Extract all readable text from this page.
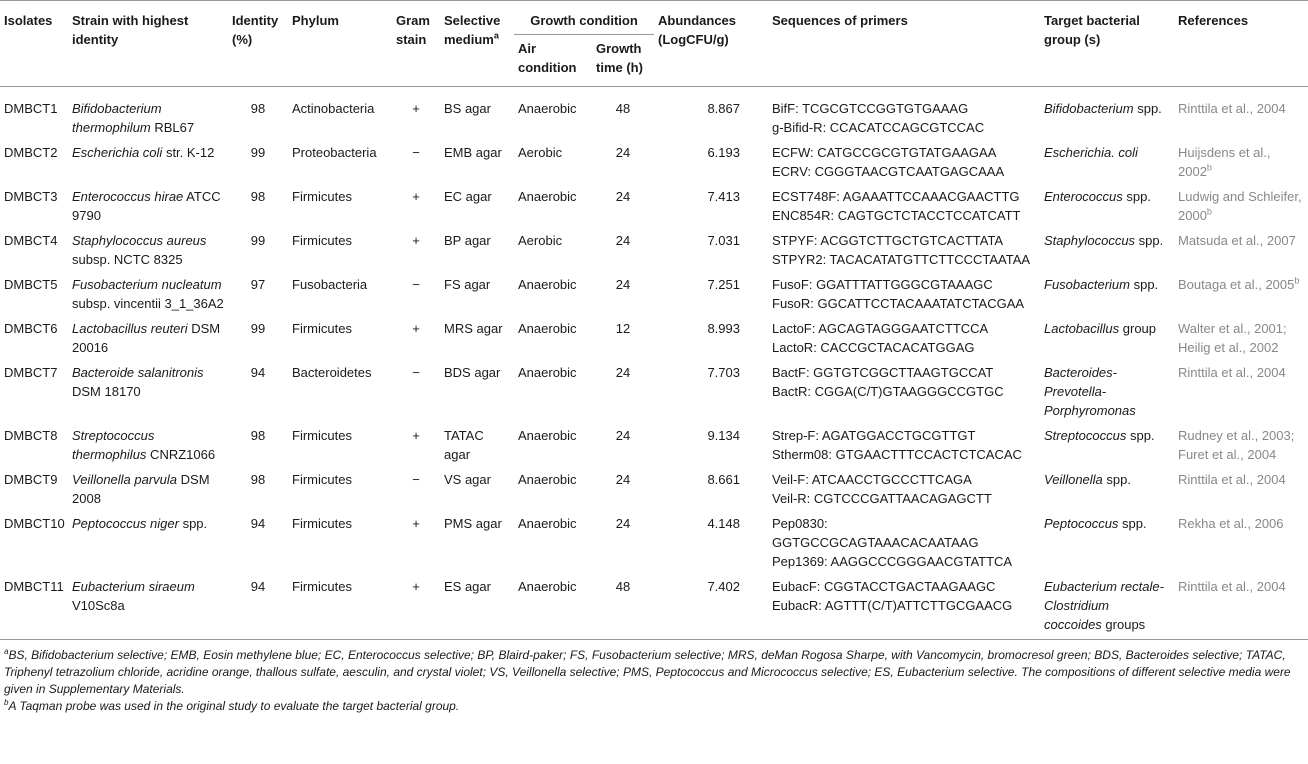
Isolates	Strain with highest identity	Identity (%)	Phylum	Gram stain	Selective medium$^a$	Growth condition		Abundances (LogCFU/g)	Sequences of primers	Target bacterial group (s)	References
						Air condition	Growth time (h)				
DMBCT1	Bifidobacterium thermophilum RBL67	98	Actinobacteria	+	BS agar	Anaerobic	48	8.867	BifF: TCGCGTCCGGTGTGAAAG
g-Bifid-R: CCACATCCAGCGTCCAC	Bifidobacterium spp.	Rinttila et al., 2004
DMBCT2	Escherichia coli str. K-12	99	Proteobacteria	−	EMB agar	Aerobic	24	6.193	ECFW: CATGCCGCGTGTATGAAGAA
ECRV: CGGGTAACGTCAATGAGCAAA	Escherichia. coli	Huijsdens et al., 2002$^b$
DMBCT3	Enterococcus hirae ATCC 9790	98	Firmicutes	+	EC agar	Anaerobic	24	7.413	ECST748F: AGAAATTCCAAACGAACTTG
ENC854R: CAGTGCTCTACCTCCATCATT	Enterococcus spp.	Ludwig and Schleifer, 2000$^b$
DMBCT4	Staphylococcus aureus subsp. NCTC 8325	99	Firmicutes	+	BP agar	Aerobic	24	7.031	STPYF: ACGGTCTTGCTGTCACTTATA
STPYR2: TACACATATGTTCTTCCCTAATAA	Staphylococcus spp.	Matsuda et al., 2007
DMBCT5	Fusobacterium nucleatum subsp. vincentii 3_1_36A2	97	Fusobacteria	−	FS agar	Anaerobic	24	7.251	FusoF: GGATTTATTGGGCGTAAAGC
FusoR: GGCATTCCTACAAATATCTACGAA	Fusobacterium spp.	Boutaga et al., 2005$^b$
DMBCT6	Lactobacillus reuteri DSM 20016	99	Firmicutes	+	MRS agar	Anaerobic	12	8.993	LactoF: AGCAGTAGGGAATCTTCCA
LactoR: CACCGCTACACATGGAG	Lactobacillus group	Walter et al., 2001; Heilig et al., 2002
DMBCT7	Bacteroide salanitronis DSM 18170	94	Bacteroidetes	−	BDS agar	Anaerobic	24	7.703	BactF: GGTGTCGGCTTAAGTGCCAT
BactR: CGGA(C/T)GTAAGGGCCGTGC	Bacteroides-Prevotella-Porphyromonas	Rinttila et al., 2004
DMBCT8	Streptococcus thermophilus CNRZ1066	98	Firmicutes	+	TATAC agar	Anaerobic	24	9.134	Strep-F: AGATGGACCTGCGTTGT
Stherm08: GTGAACTTTCCACTCTCACAC	Streptococcus spp.	Rudney et al., 2003; Furet et al., 2004
DMBCT9	Veillonella parvula DSM 2008	98	Firmicutes	−	VS agar	Anaerobic	24	8.661	Veil-F: ATCAACCTGCCCTTCAGA
Veil-R: CGTCCCGATTAACAGAGCTT	Veillonella spp.	Rinttila et al., 2004
DMBCT10	Peptococcus niger spp.	94	Firmicutes	+	PMS agar	Anaerobic	24	4.148	Pep0830: GGTGCCGCAGTAAACACAATAAG
Pep1369: AAGGCCCGGGAACGTATTCA	Peptococcus spp.	Rekha et al., 2006
DMBCT11	Eubacterium siraeum V10Sc8a	94	Firmicutes	+	ES agar	Anaerobic	48	7.402	EubacF: CGGTACCTGACTAAGAAGC
EubacR: AGTTT(C/T)ATTCTTGCGAACG	Eubacterium rectale-Clostridium coccoides groups	Rinttila et al., 2004
$^a$BS, Bifidobacterium selective; EMB, Eosin methylene blue; EC, Enterococcus selective; BP, Blaird-paker; FS, Fusobacterium selective; MRS, deMan Rogosa Sharpe, with Vancomycin, bromocresol green; BDS, Bacteroides selective; TATAC, Triphenyl tetrazolium chloride, acridine orange, thallous sulfate, aesculin, and crystal violet; VS, Veillonella selective; PMS, Peptococcus and Micrococcus selective; ES, Eubacterium selective. The compositions of different selective media were given in Supplementary Materials.
$^b$A Taqman probe was used in the original study to evaluate the target bacterial group.
